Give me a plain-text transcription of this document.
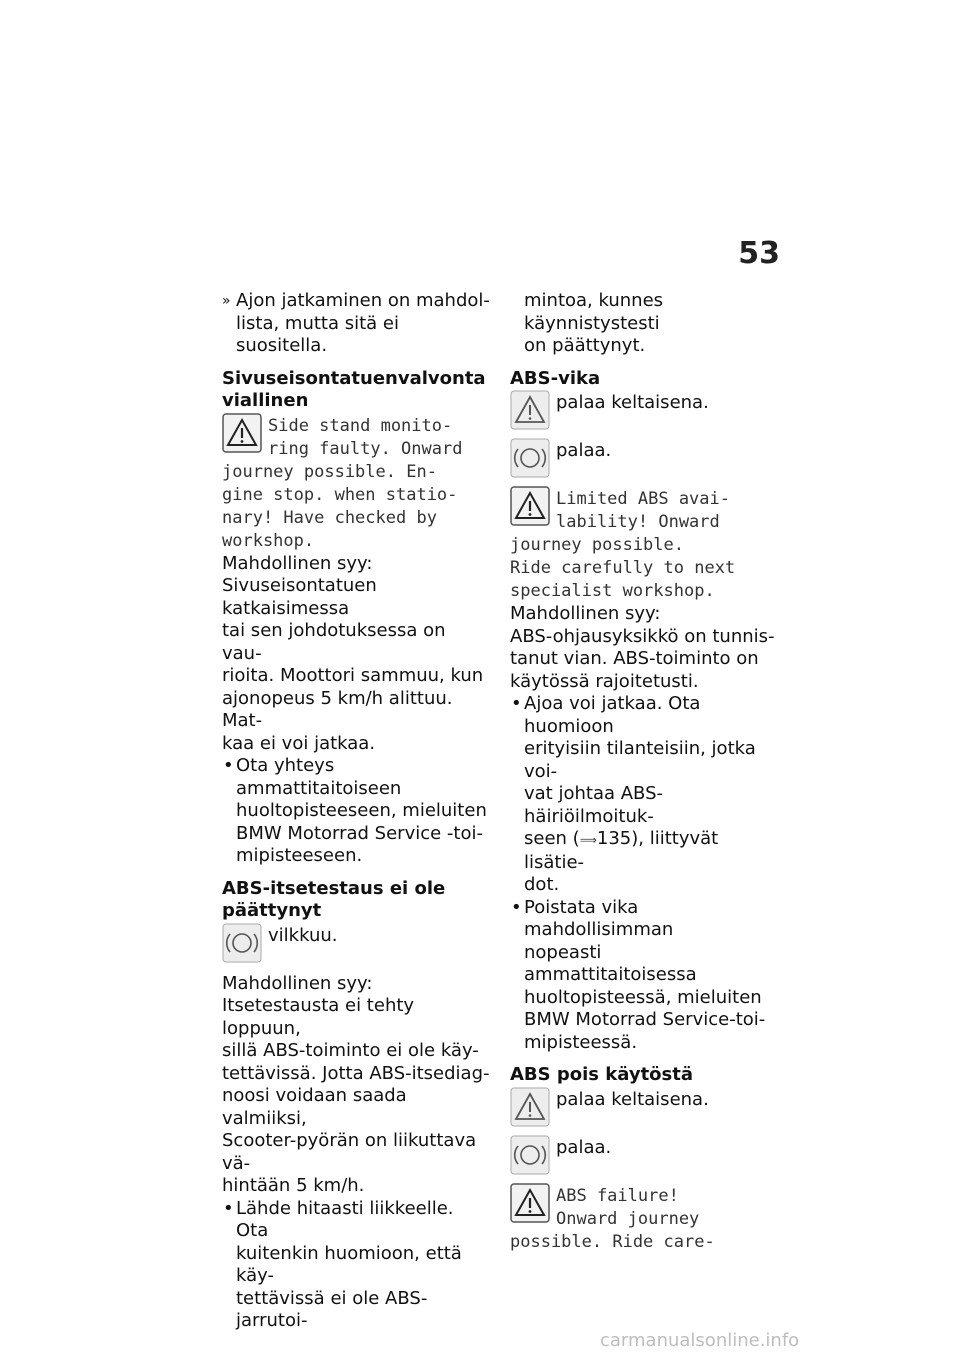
53
» Ajon jatkaminen on mahdol-
lista, mutta sitä ei suositella.
Sivuseisontatuenvalvonta
viallinen
Side stand monito-
ring faulty. Onward
journey possible. En-
gine stop. when statio-
nary! Have checked by
workshop.
Mahdollinen syy:
Sivuseisontatuen katkaisimessa
tai sen johdotuksessa on vau-
rioita. Moottori sammuu, kun
ajonopeus 5 km/h alittuu. Mat-
kaa ei voi jatkaa.
• Ota yhteys ammattitaitoiseen
huoltopisteeseen, mieluiten
BMW Motorrad Service -toi-
mipisteeseen.
ABS-itsetestaus ei ole
päättynyt
vilkkuu.
Mahdollinen syy:
Itsetestausta ei tehty loppuun,
sillä ABS-toiminto ei ole käy-
tettävissä. Jotta ABS-itsediag-
noosi voidaan saada valmiiksi,
Scooter-pyörän on liikuttava vä-
hintään 5 km/h.
• Lähde hitaasti liikkeelle. Ota
kuitenkin huomioon, että käy-
tettävissä ei ole ABS-jarrutoi-
mintoa, kunnes käynnistystesti
on päättynyt.
ABS-vika
palaa keltaisena.
palaa.
Limited ABS avai-
lability! Onward
journey possible.
Ride carefully to next
specialist workshop.
Mahdollinen syy:
ABS-ohjausyksikkö on tunnis-
tanut vian. ABS-toiminto on
käytössä rajoitetusti.
• Ajoa voi jatkaa. Ota huomioon
erityisiin tilanteisiin, jotka voi-
vat johtaa ABS-häiriöilmoituk-
seen (⟹135), liittyvät lisätie-
dot.
• Poistata vika mahdollisimman
nopeasti ammattitaitoisessa
huoltopisteessä, mieluiten
BMW Motorrad Service-toi-
mipisteessä.
ABS pois käytöstä
palaa keltaisena.
palaa.
ABS failure!
Onward journey
possible. Ride care-
carmanualsonline.info
